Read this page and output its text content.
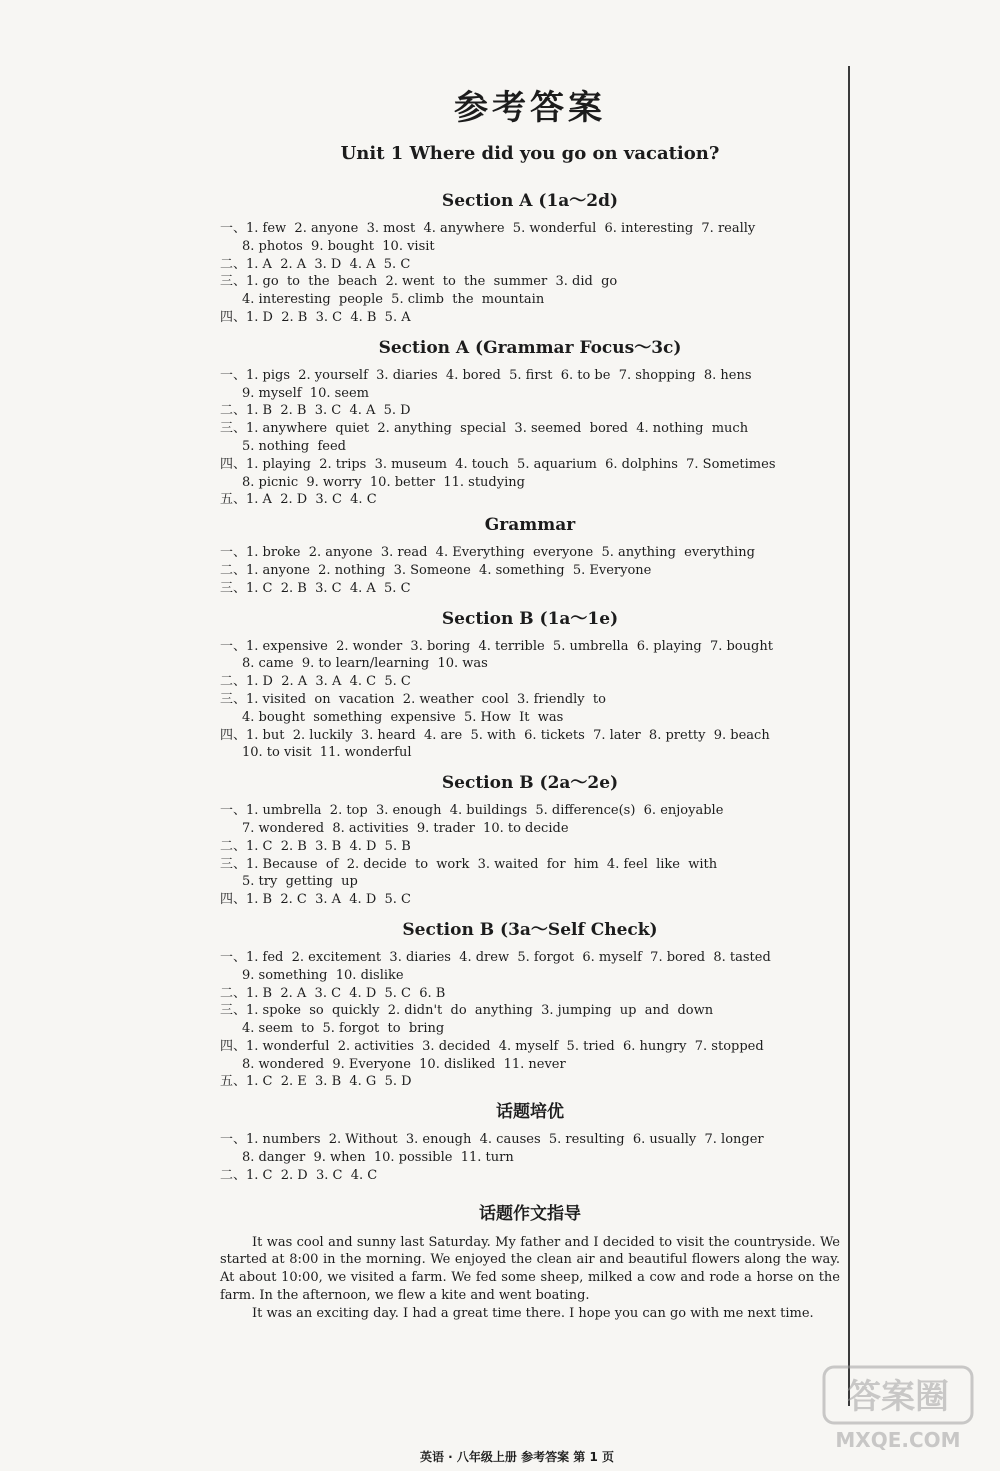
参考答案
Unit 1 Where did you go on vacation?
Section A (1a～2d)
一、1. few  2. anyone  3. most  4. anywhere  5. wonderful  6. interesting  7. really
8. photos  9. bought  10. visit
二、1. A  2. A  3. D  4. A  5. C
三、1. go  to  the  beach  2. went  to  the  summer  3. did  go
4. interesting  people  5. climb  the  mountain
四、1. D  2. B  3. C  4. B  5. A
Section A (Grammar Focus～3c)
一、1. pigs  2. yourself  3. diaries  4. bored  5. first  6. to be  7. shopping  8. hens
9. myself  10. seem
二、1. B  2. B  3. C  4. A  5. D
三、1. anywhere  quiet  2. anything  special  3. seemed  bored  4. nothing  much
5. nothing  feed
四、1. playing  2. trips  3. museum  4. touch  5. aquarium  6. dolphins  7. Sometimes
8. picnic  9. worry  10. better  11. studying
五、1. A  2. D  3. C  4. C
Grammar
一、1. broke  2. anyone  3. read  4. Everything  everyone  5. anything  everything
二、1. anyone  2. nothing  3. Someone  4. something  5. Everyone
三、1. C  2. B  3. C  4. A  5. C
Section B (1a～1e)
一、1. expensive  2. wonder  3. boring  4. terrible  5. umbrella  6. playing  7. bought
8. came  9. to learn/learning  10. was
二、1. D  2. A  3. A  4. C  5. C
三、1. visited  on  vacation  2. weather  cool  3. friendly  to
4. bought  something  expensive  5. How  It  was
四、1. but  2. luckily  3. heard  4. are  5. with  6. tickets  7. later  8. pretty  9. beach
10. to visit  11. wonderful
Section B (2a～2e)
一、1. umbrella  2. top  3. enough  4. buildings  5. difference(s)  6. enjoyable
7. wondered  8. activities  9. trader  10. to decide
二、1. C  2. B  3. B  4. D  5. B
三、1. Because  of  2. decide  to  work  3. waited  for  him  4. feel  like  with
5. try  getting  up
四、1. B  2. C  3. A  4. D  5. C
Section B (3a～Self Check)
一、1. fed  2. excitement  3. diaries  4. drew  5. forgot  6. myself  7. bored  8. tasted
9. something  10. dislike
二、1. B  2. A  3. C  4. D  5. C  6. B
三、1. spoke  so  quickly  2. didn't  do  anything  3. jumping  up  and  down
4. seem  to  5. forgot  to  bring
四、1. wonderful  2. activities  3. decided  4. myself  5. tried  6. hungry  7. stopped
8. wondered  9. Everyone  10. disliked  11. never
五、1. C  2. E  3. B  4. G  5. D
话题培优
一、1. numbers  2. Without  3. enough  4. causes  5. resulting  6. usually  7. longer
8. danger  9. when  10. possible  11. turn
二、1. C  2. D  3. C  4. C
话题作文指导

It was cool and sunny last Saturday. My father and I decided to visit the countryside. We started at 8:00 in the morning. We enjoyed the clean air and beautiful flowers along the way. At about 10:00, we visited a farm. We fed some sheep, milked a cow and rode a horse on the farm. In the afternoon, we flew a kite and went boating.

It was an exciting day. I had a great time there. I hope you can go with me next time.

英语 · 八年级上册 参考答案 第 1 页
答案圈
MXQE.COM
